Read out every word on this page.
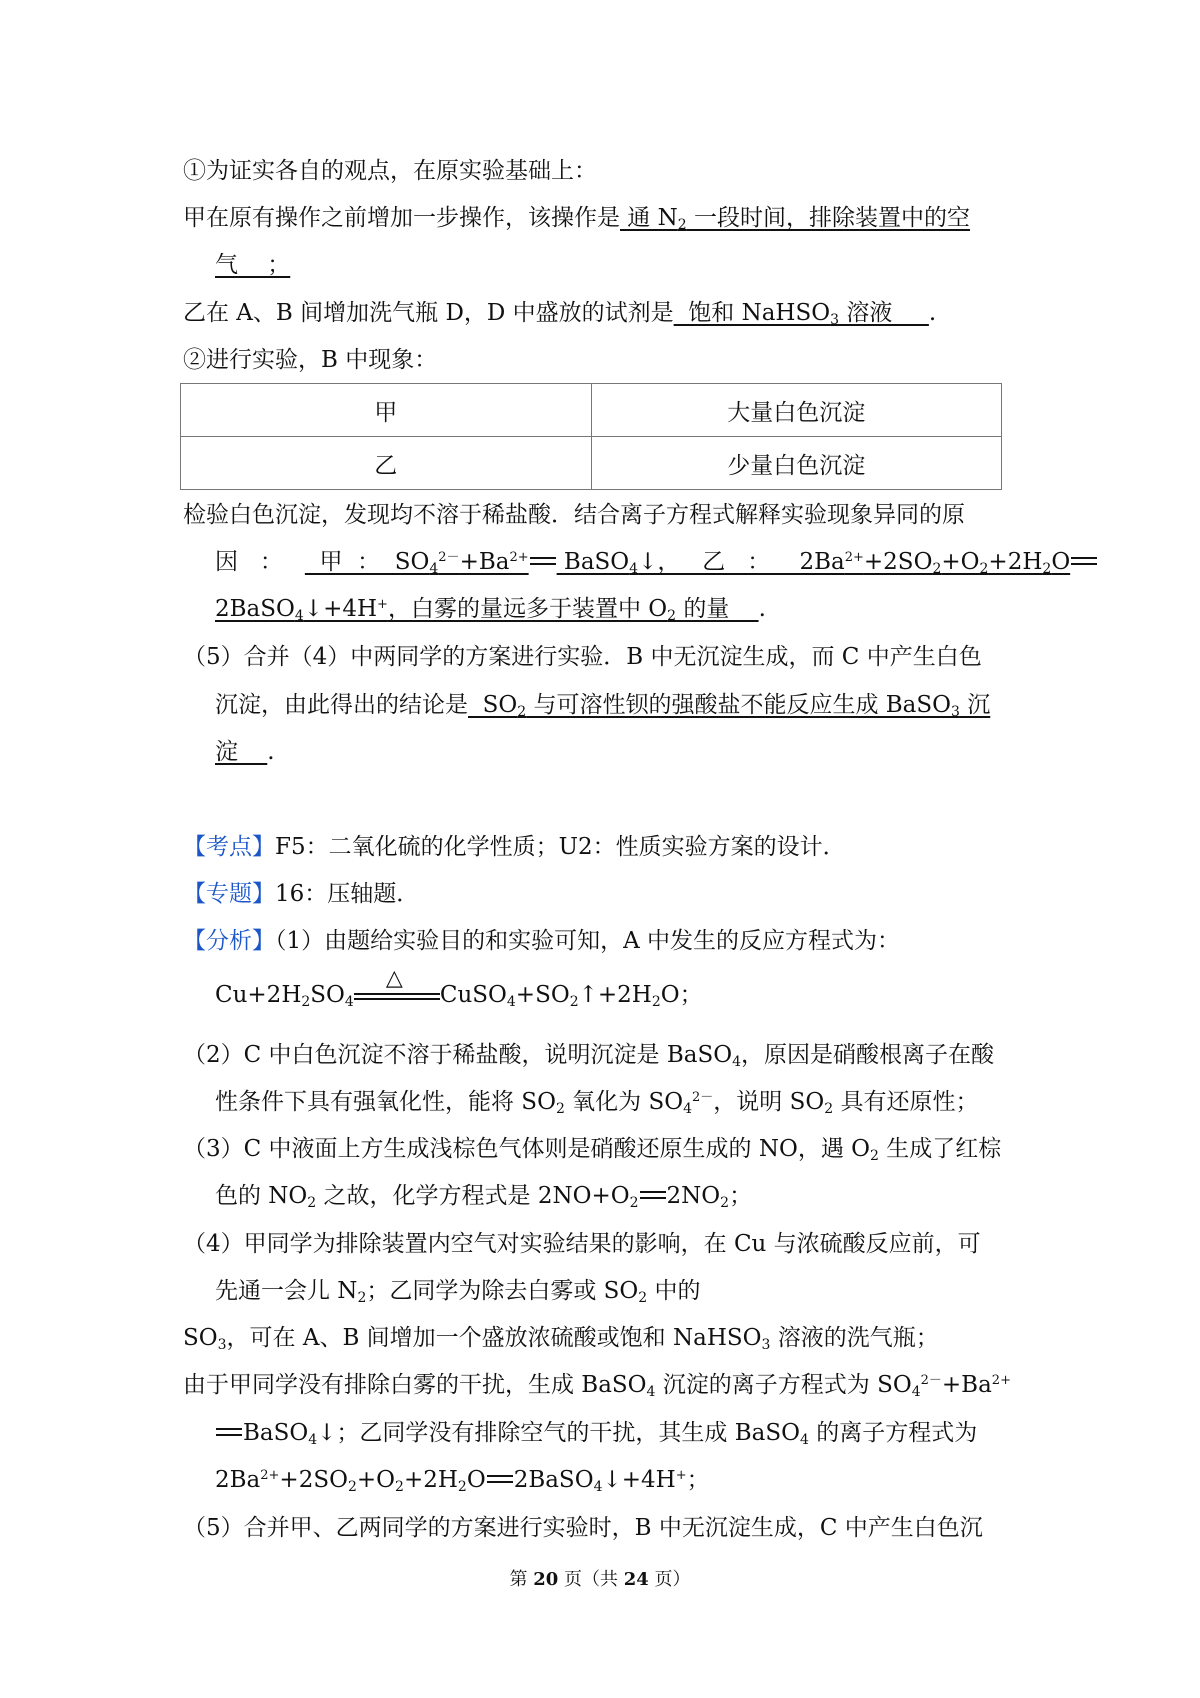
①为证实各自的观点，在原实验基础上：
甲在原有操作之前增加一步操作，该操作是 通 $N_2$ 一段时间，排除装置中的空
气    ；
乙在 A、B 间增加洗气瓶 D，D 中盛放的试剂是  饱和 NaHSO$_3$ 溶液     .
②进行实验，B 中现象：
甲	大量白色沉淀
乙	少量白色沉淀
检验白色沉淀，发现均不溶于稀盐酸．结合离子方程式解释实验现象异同的原
因   ：     甲  ：  $SO_4^{2-}+Ba^{2+}$ BaSO$_4$↓，   乙   ：    $2Ba^{2+}+2SO_2+O_2+2H_2O$
2BaSO$_4$↓+4H+，白雾的量远多于装置中 $O_2$ 的量    .
（5）合并（4）中两同学的方案进行实验．B 中无沉淀生成，而 C 中产生白色
沉淀，由此得出的结论是  $SO_2$ 与可溶性钡的强酸盐不能反应生成 BaSO$_3$ 沉
淀    .
【考点】F5：二氧化硫的化学性质；U2：性质实验方案的设计．
【专题】16：压轴题．
【分析】（1）由题给实验目的和实验可知，A 中发生的反应方程式为：
$Cu+2H_2SO_4$
△
$CuSO_4+SO_2↑+2H_2O$；
（2）C 中白色沉淀不溶于稀盐酸，说明沉淀是 BaSO$_4$，原因是硝酸根离子在酸
性条件下具有强氧化性，能将 $SO_2$ 氧化为 $SO_4^{2-}$，说明 $SO_2$ 具有还原性；
（3）C 中液面上方生成浅棕色气体则是硝酸还原生成的 NO，遇 $O_2$ 生成了红棕
色的 $NO_2$ 之故，化学方程式是 $2NO+O_2$ $2NO_2$；
（4）甲同学为排除装置内空气对实验结果的影响，在 Cu 与浓硫酸反应前，可
先通一会儿 $N_2$；乙同学为除去白雾或 $SO_2$ 中的
$SO_3$，可在 A、B 间增加一个盛放浓硫酸或饱和 NaHSO$_3$ 溶液的洗气瓶；
由于甲同学没有排除白雾的干扰，生成 BaSO$_4$ 沉淀的离子方程式为 $SO_4^{2-}+Ba^{2+}$
BaSO$_4$↓；乙同学没有排除空气的干扰，其生成 BaSO$_4$ 的离子方程式为
$2Ba^{2+}+2SO_2+O_2+2H_2O$ 2BaSO$_4$↓+4H+；
（5）合并甲、乙两同学的方案进行实验时，B 中无沉淀生成，C 中产生白色沉
第 20 页（共 24 页）
